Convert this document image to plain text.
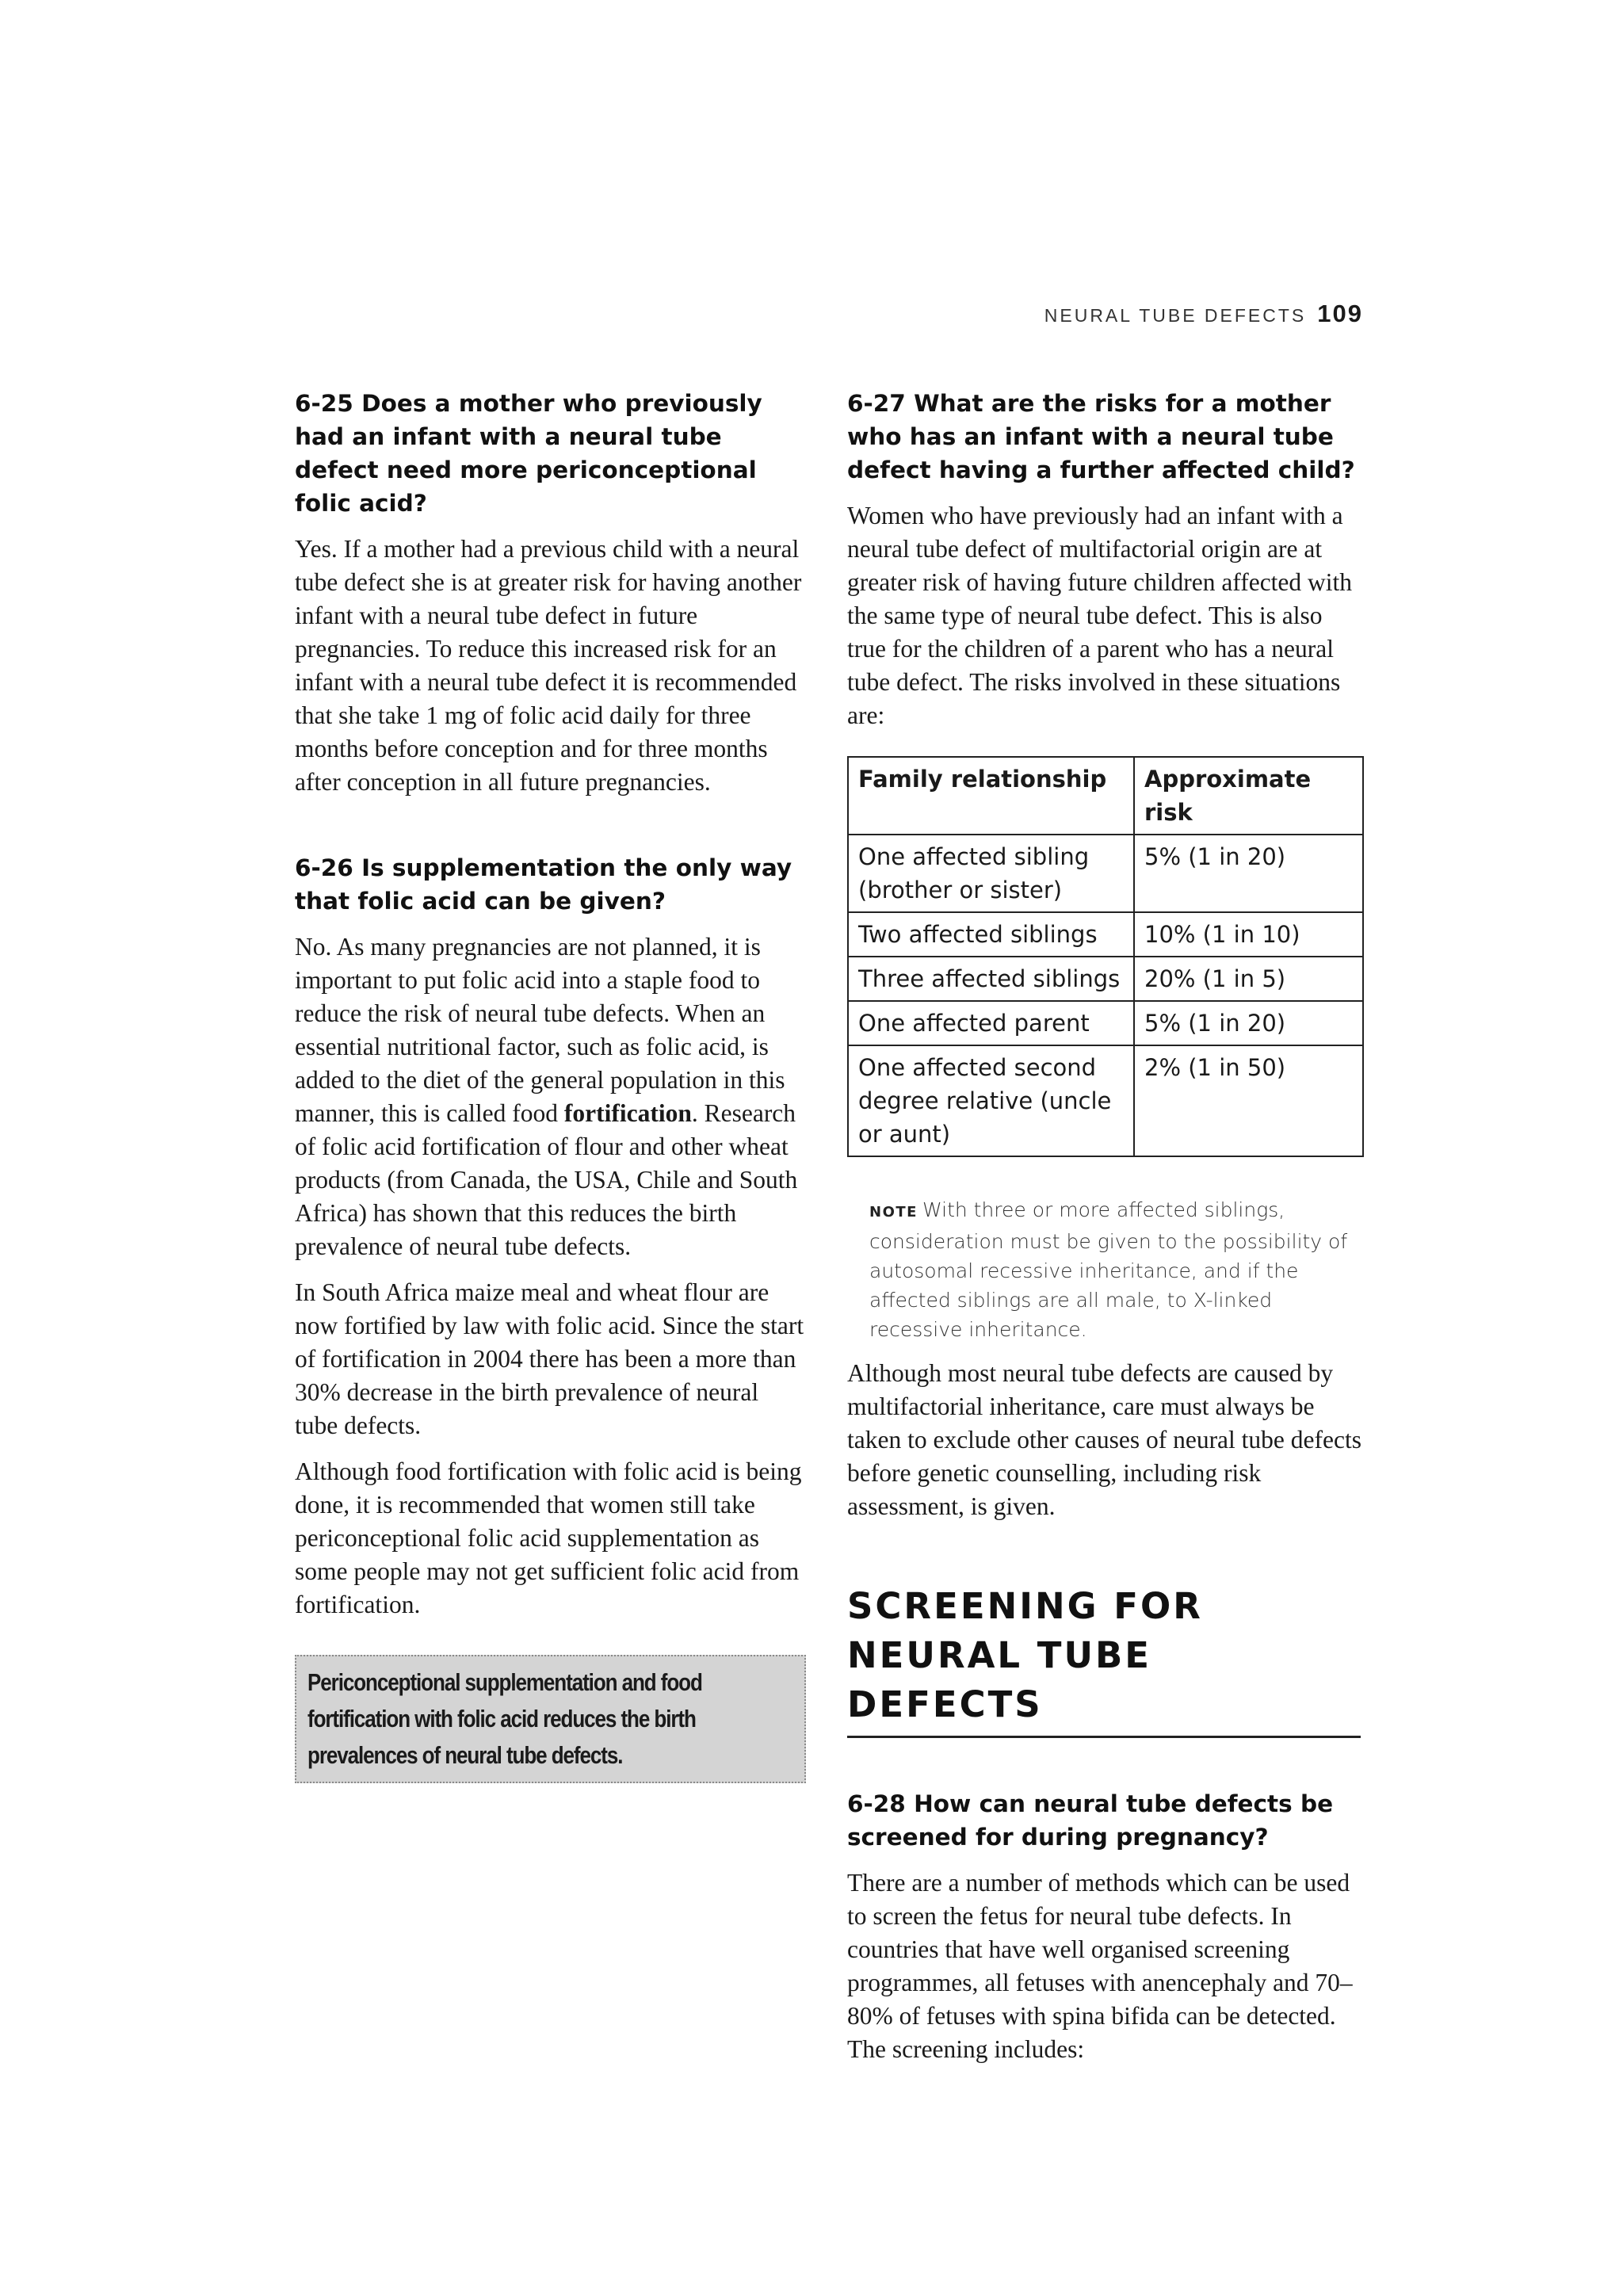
NEURAL TUBE DEFECTS 109
6-25 Does a mother who previously had an infant with a neural tube defect need more periconceptional folic acid?

Yes. If a mother had a previous child with a neural tube defect she is at greater risk for having another infant with a neural tube defect in future pregnancies. To reduce this increased risk for an infant with a neural tube defect it is recommended that she take 1 mg of folic acid daily for three months before conception and for three months after conception in all future pregnancies.

6-26 Is supplementation the only way that folic acid can be given?

No. As many pregnancies are not planned, it is important to put folic acid into a staple food to reduce the risk of neural tube defects. When an essential nutritional factor, such as folic acid, is added to the diet of the general population in this manner, this is called food fortification. Research of folic acid fortification of flour and other wheat products (from Canada, the USA, Chile and South Africa) has shown that this reduces the birth prevalence of neural tube defects.

In South Africa maize meal and wheat flour are now fortified by law with folic acid. Since the start of fortification in 2004 there has been a more than 30% decrease in the birth prevalence of neural tube defects.

Although food fortification with folic acid is being done, it is recommended that women still take periconceptional folic acid supplementation as some people may not get sufficient folic acid from fortification.

Periconceptional supplementation and food fortification with folic acid reduces the birth prevalences of neural tube defects.

6-27 What are the risks for a mother who has an infant with a neural tube defect having a further affected child?

Women who have previously had an infant with a neural tube defect of multifactorial origin are at greater risk of having future children affected with the same type of neural tube defect. This is also true for the children of a parent who has a neural tube defect. The risks involved in these situations are:

Family relationship	Approximate risk
One affected sibling (brother or sister)	5% (1 in 20)
Two affected siblings	10% (1 in 10)
Three affected siblings	20% (1 in 5)
One affected parent	5% (1 in 20)
One affected second degree relative (uncle or aunt)	2% (1 in 50)
NOTE With three or more affected siblings, consideration must be given to the possibility of autosomal recessive inheritance, and if the affected siblings are all male, to X-linked recessive inheritance.

Although most neural tube defects are caused by multifactorial inheritance, care must always be taken to exclude other causes of neural tube defects before genetic counselling, including risk assessment, is given.

SCREENING FOR NEURAL TUBE DEFECTS
6-28 How can neural tube defects be screened for during pregnancy?

There are a number of methods which can be used to screen the fetus for neural tube defects. In countries that have well organised screening programmes, all fetuses with anencephaly and 70–80% of fetuses with spina bifida can be detected. The screening includes:
